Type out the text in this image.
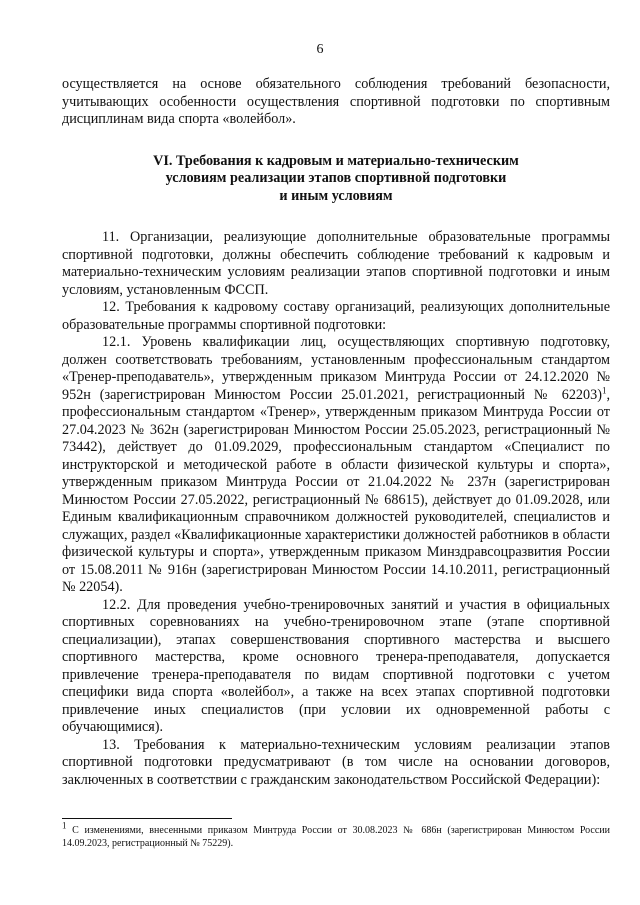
6

осуществляется на основе обязательного соблюдения требований безопасности, учитывающих особенности осуществления спортивной подготовки по спортивным дисциплинам вида спорта «волейбол».

VI. Требования к кадровым и материально-техническим
условиям реализации этапов спортивной подготовки
и иным условиям

11. Организации, реализующие дополнительные образовательные программы спортивной подготовки, должны обеспечить соблюдение требований к кадровым и материально-техническим условиям реализации этапов спортивной подготовки и иным условиям, установленным ФССП.

12. Требования к кадровому составу организаций, реализующих дополнительные образовательные программы спортивной подготовки:

12.1. Уровень квалификации лиц, осуществляющих спортивную подготовку, должен соответствовать требованиям, установленным профессиональным стандартом «Тренер-преподаватель», утвержденным приказом Минтруда России от 24.12.2020 № 952н (зарегистрирован Минюстом России 25.01.2021, регистрационный № 62203)$^1$, профессиональным стандартом «Тренер», утвержденным приказом Минтруда России от 27.04.2023 № 362н (зарегистрирован Минюстом России 25.05.2023, регистрационный № 73442), действует до 01.09.2029, профессиональным стандартом «Специалист по инструкторской и методической работе в области физической культуры и спорта», утвержденным приказом Минтруда России от 21.04.2022 № 237н (зарегистрирован Минюстом России 27.05.2022, регистрационный № 68615), действует до 01.09.2028, или Единым квалификационным справочником должностей руководителей, специалистов и служащих, раздел «Квалификационные характеристики должностей работников в области физической культуры и спорта», утвержденным приказом Минздравсоцразвития России от 15.08.2011 № 916н (зарегистрирован Минюстом России 14.10.2011, регистрационный № 22054).

12.2. Для проведения учебно-тренировочных занятий и участия в официальных спортивных соревнованиях на учебно-тренировочном этапе (этапе спортивной специализации), этапах совершенствования спортивного мастерства и высшего спортивного мастерства, кроме основного тренера-преподавателя, допускается привлечение тренера-преподавателя по видам спортивной подготовки с учетом специфики вида спорта «волейбол», а также на всех этапах спортивной подготовки привлечение иных специалистов (при условии их одновременной работы с обучающимися).

13. Требования к материально-техническим условиям реализации этапов спортивной подготовки предусматривают (в том числе на основании договоров, заключенных в соответствии с гражданским законодательством Российской Федерации):

$^1$ С изменениями, внесенными приказом Минтруда России от 30.08.2023 № 686н (зарегистрирован Минюстом России 14.09.2023, регистрационный № 75229).
